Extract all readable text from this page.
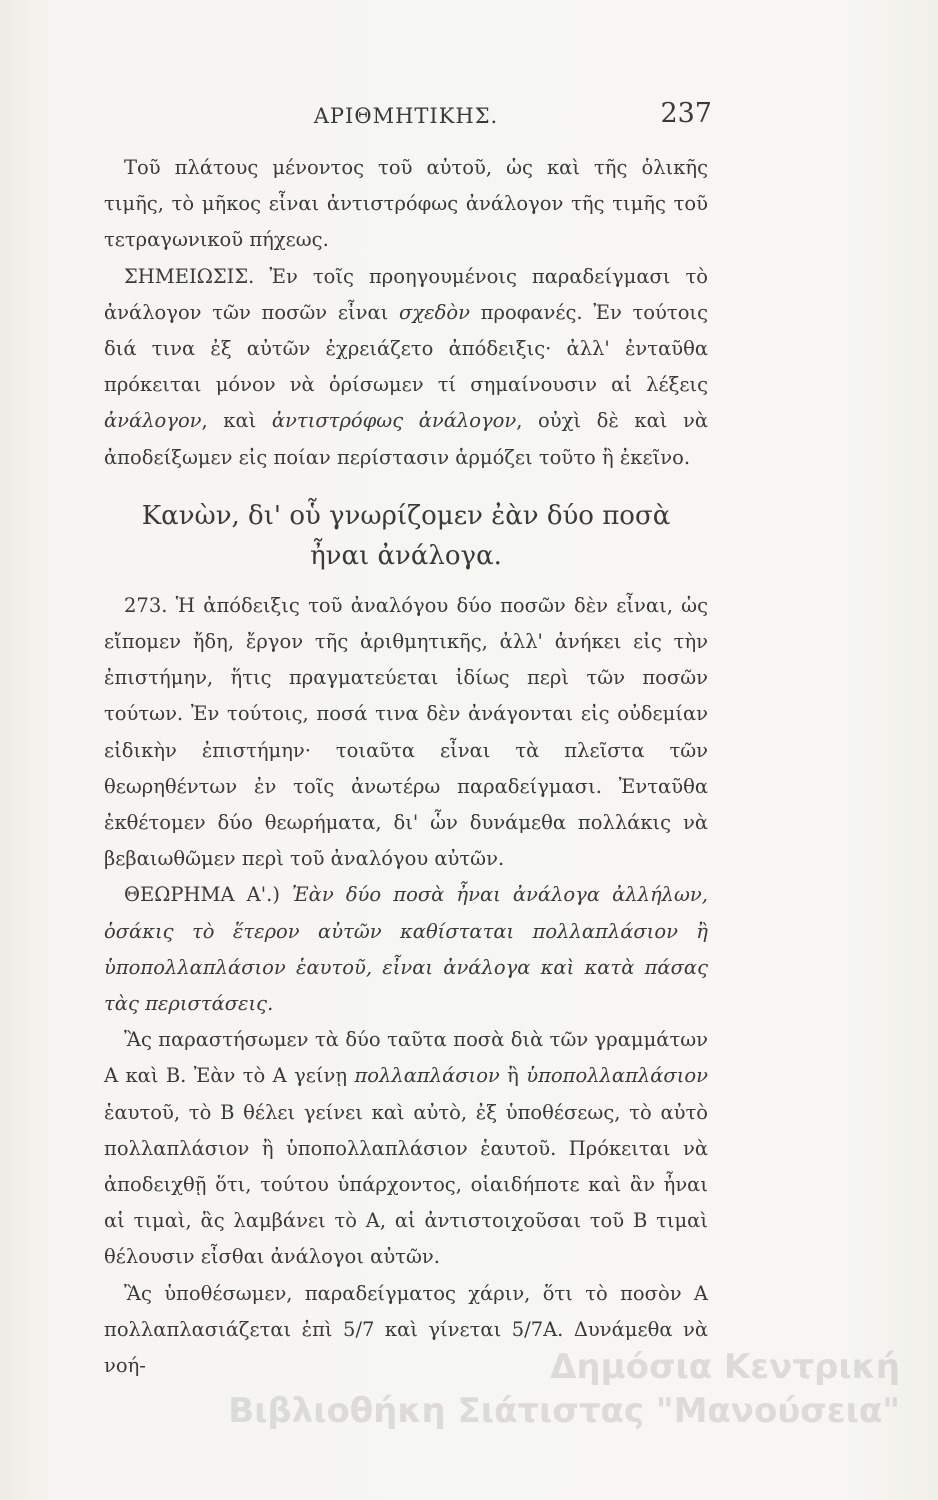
ΑΡΙΘΜΗΤΙΚΗΣ.	237

Τοῦ πλάτους μένοντος τοῦ αὐτοῦ, ὡς καὶ τῆς ὁλικῆς τιμῆς, τὸ μῆκος εἶναι ἀντιστρόφως ἀνάλογον τῆς τιμῆς τοῦ τετραγωνικοῦ πήχεως.

ΣΗΜΕΙΩΣΙΣ. Ἐν τοῖς προηγουμένοις παραδείγμασι τὸ ἀνάλογον τῶν ποσῶν εἶναι σχεδὸν προφανές. Ἐν τούτοις διά τινα ἐξ αὐτῶν ἐχρειάζετο ἀπόδειξις· ἀλλ' ἐνταῦθα πρόκειται μόνον νὰ ὁρίσωμεν τί σημαίνουσιν αἱ λέξεις ἀνάλογον, καὶ ἀντιστρόφως ἀνάλογον, οὐχὶ δὲ καὶ νὰ ἀποδείξωμεν εἰς ποίαν περίστασιν ἁρμόζει τοῦτο ἢ ἐκεῖνο.

Κανὼν, δι' οὗ γνωρίζομεν ἐὰν δύο ποσὰ
ἦναι ἀνάλογα.

273. Ἡ ἀπόδειξις τοῦ ἀναλόγου δύο ποσῶν δὲν εἶναι, ὡς εἴπομεν ἤδη, ἔργον τῆς ἀριθμητικῆς, ἀλλ' ἀνήκει εἰς τὴν ἐπιστήμην, ἥτις πραγματεύεται ἰδίως περὶ τῶν ποσῶν τούτων. Ἐν τούτοις, ποσά τινα δὲν ἀνάγονται εἰς οὐδεμίαν εἰδικὴν ἐπιστήμην· τοιαῦτα εἶναι τὰ πλεῖστα τῶν θεωρηθέντων ἐν τοῖς ἀνωτέρω παραδείγμασι. Ἐνταῦθα ἐκθέτομεν δύο θεωρήματα, δι' ὧν δυνάμεθα πολλάκις νὰ βεβαιωθῶμεν περὶ τοῦ ἀναλόγου αὐτῶν.

ΘΕΩΡΗΜΑ Α'.) Ἐὰν δύο ποσὰ ἦναι ἀνάλογα ἀλλήλων, ὁσάκις τὸ ἕτερον αὐτῶν καθίσταται πολλαπλάσιον ἢ ὑποπολλαπλάσιον ἑαυτοῦ, εἶναι ἀνάλογα καὶ κατὰ πάσας τὰς περιστάσεις.

Ἂς παραστήσωμεν τὰ δύο ταῦτα ποσὰ διὰ τῶν γραμμάτων Α καὶ Β. Ἐὰν τὸ Α γείνῃ πολλαπλάσιον ἢ ὑποπολλαπλάσιον ἑαυτοῦ, τὸ Β θέλει γείνει καὶ αὐτὸ, ἐξ ὑποθέσεως, τὸ αὐτὸ πολλαπλάσιον ἢ ὑποπολλαπλάσιον ἑαυτοῦ. Πρόκειται νὰ ἀποδειχθῇ ὅτι, τούτου ὑπάρχοντος, οἱαιδήποτε καὶ ἂν ἦναι αἱ τιμαὶ, ἃς λαμβάνει τὸ Α, αἱ ἀντιστοιχοῦσαι τοῦ Β τιμαὶ θέλουσιν εἶσθαι ἀνάλογοι αὐτῶν.

Ἂς ὑποθέσωμεν, παραδείγματος χάριν, ὅτι τὸ ποσὸν Α πολλαπλασιάζεται ἐπὶ 5/7 καὶ γίνεται 5/7Α. Δυνάμεθα νὰ νοή-	Δημόσια Κεντρική
Βιβλιοθήκη Σιάτιστας "Μανούσεια"
